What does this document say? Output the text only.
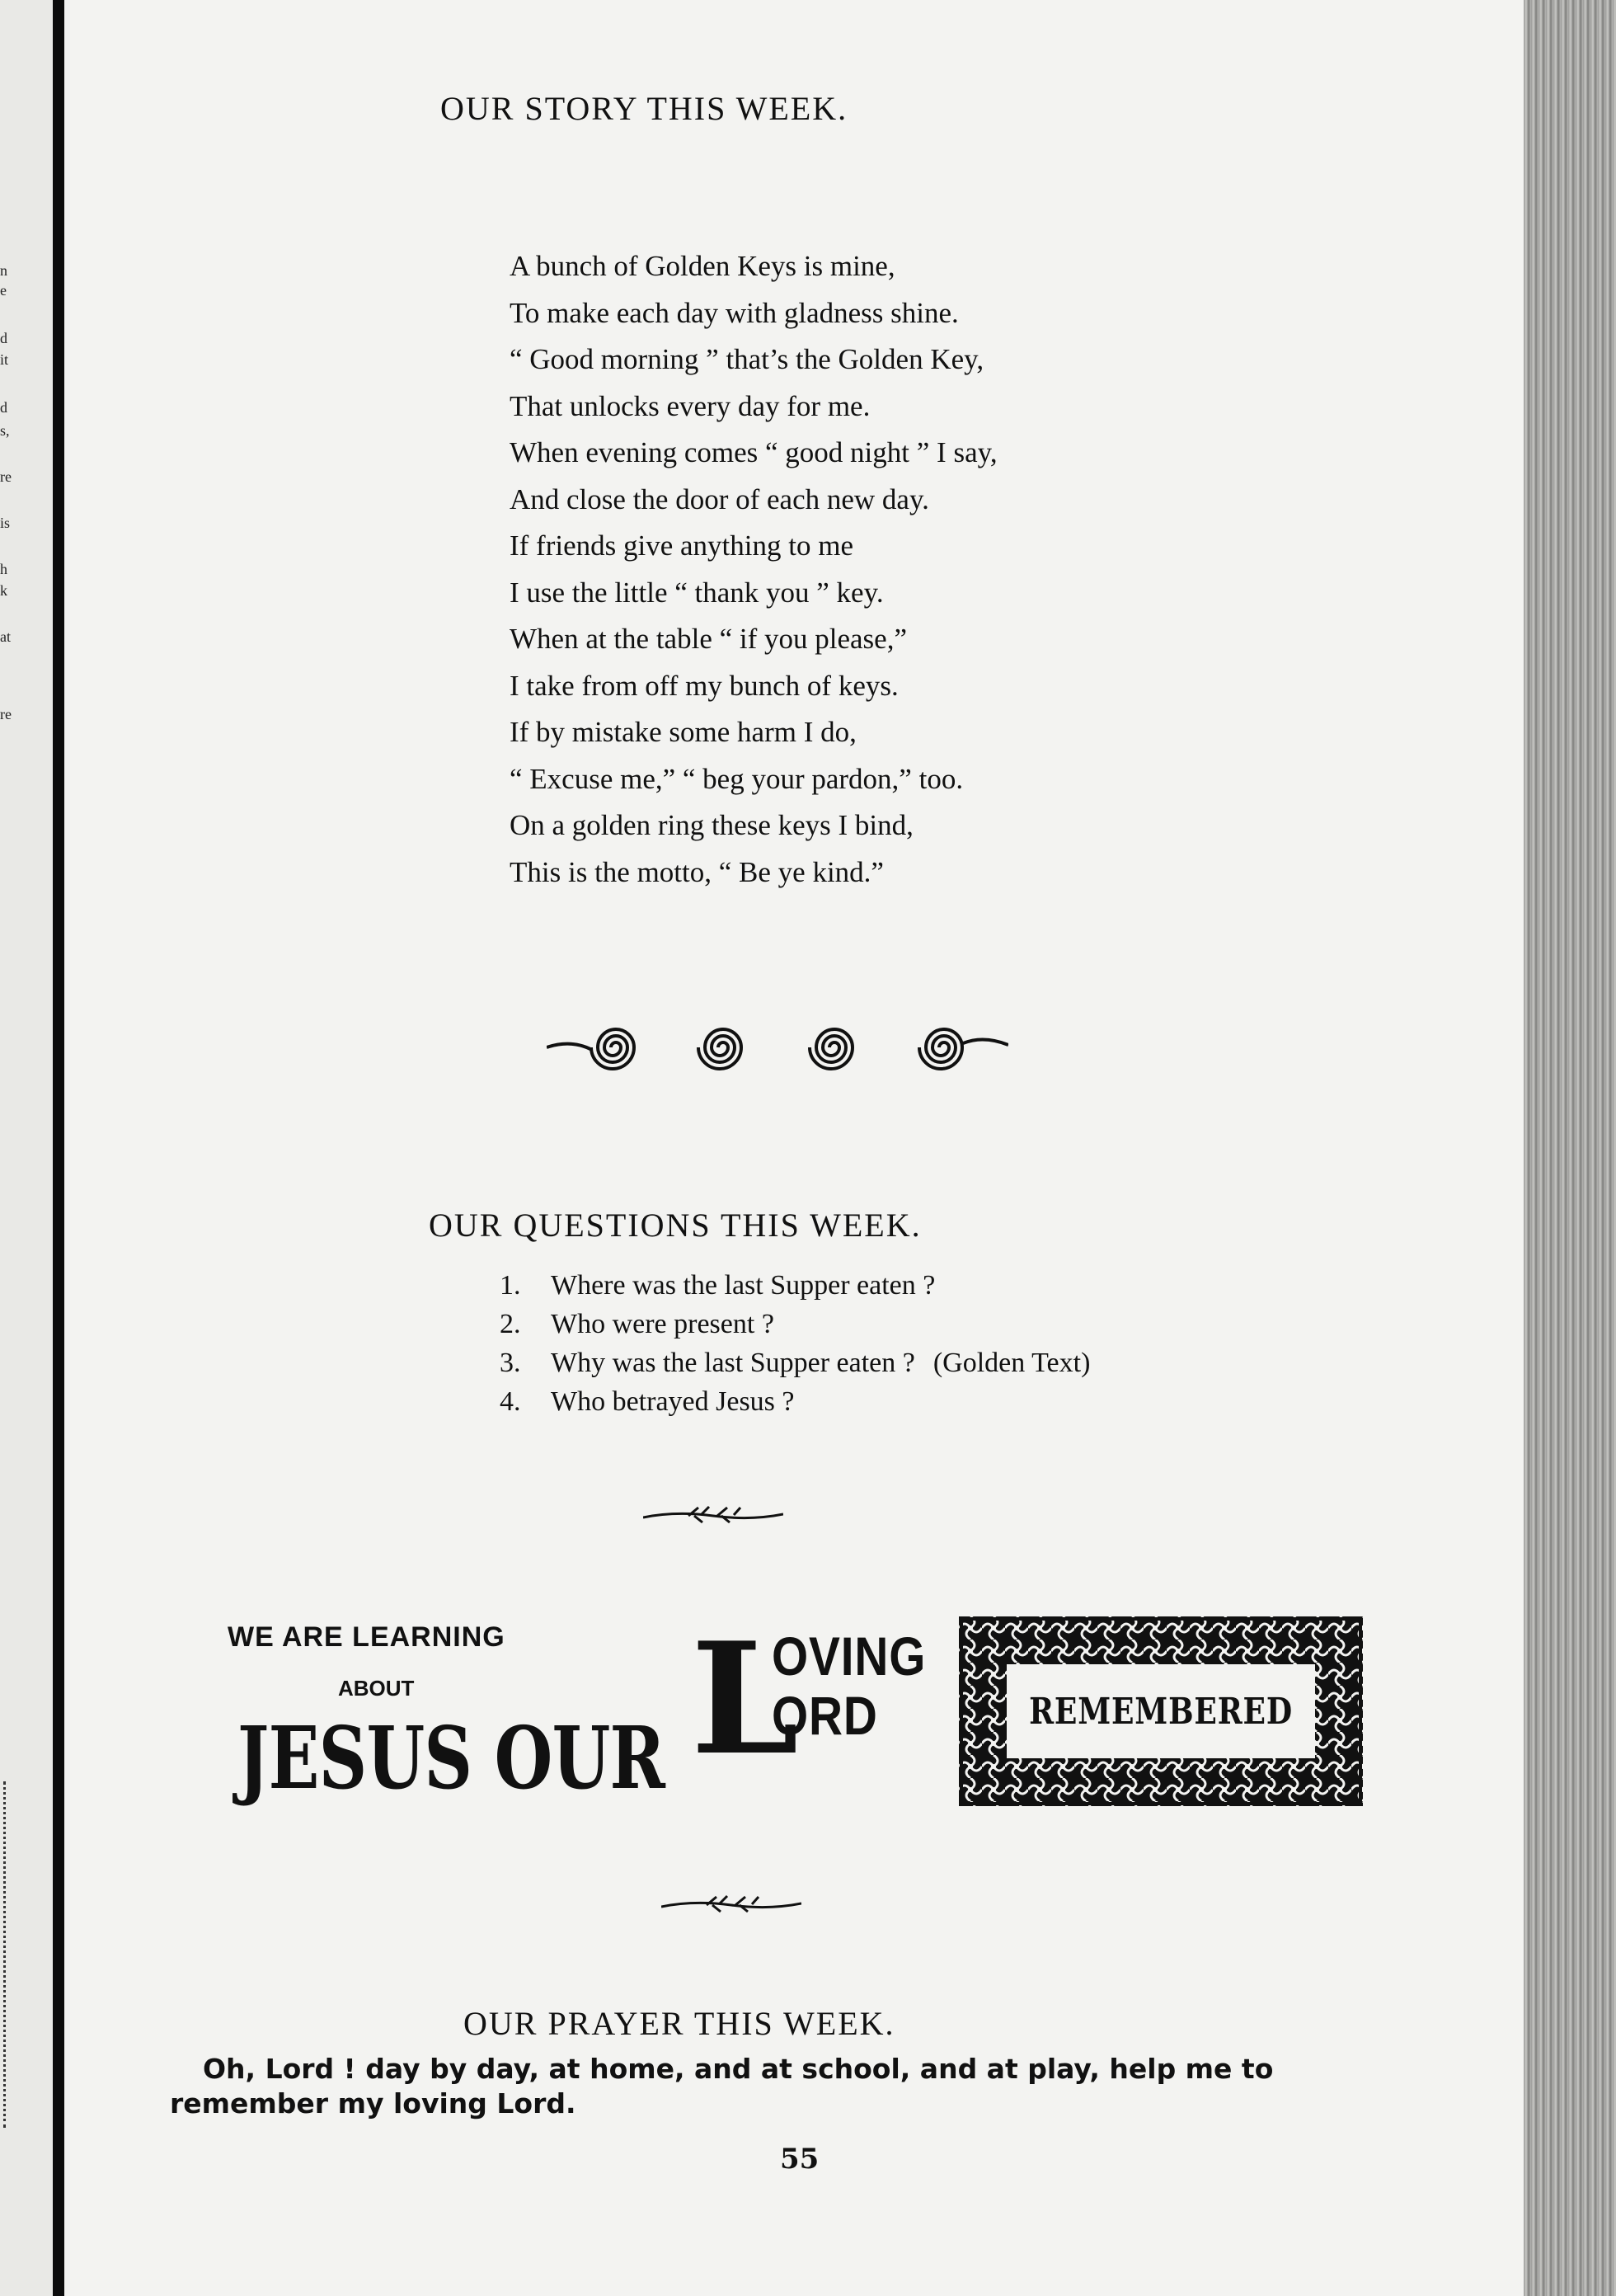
n
e
d
it
d
s,
re
is
h
k
at
re
OUR STORY THIS WEEK.
A bunch of Golden Keys is mine,
To make each day with gladness shine.
“ Good morning ” that’s the Golden Key,
That unlocks every day for me.
When evening comes “ good night ” I say,
And close the door of each new day.
If friends give anything to me
I use the little “ thank you ” key.
When at the table “ if you please,”
I take from off my bunch of keys.
If by mistake some harm I do,
“ Excuse me,” “ beg your pardon,” too.
On a golden ring these keys I bind,
This is the motto, “ Be ye kind.”
OUR QUESTIONS THIS WEEK.
1. Where was the last Supper eaten ?
2. Who were present ?
3. Why was the last Supper eaten ? (Golden Text)
4. Who betrayed Jesus ?
WE ARE LEARNING
ABOUT
JESUS OUR L
OVING
ORD	REMEMBERED
OUR PRAYER THIS WEEK.
Oh, Lord ! day by day, at home, and at school, and at play, help me to
remember my loving Lord.
55
